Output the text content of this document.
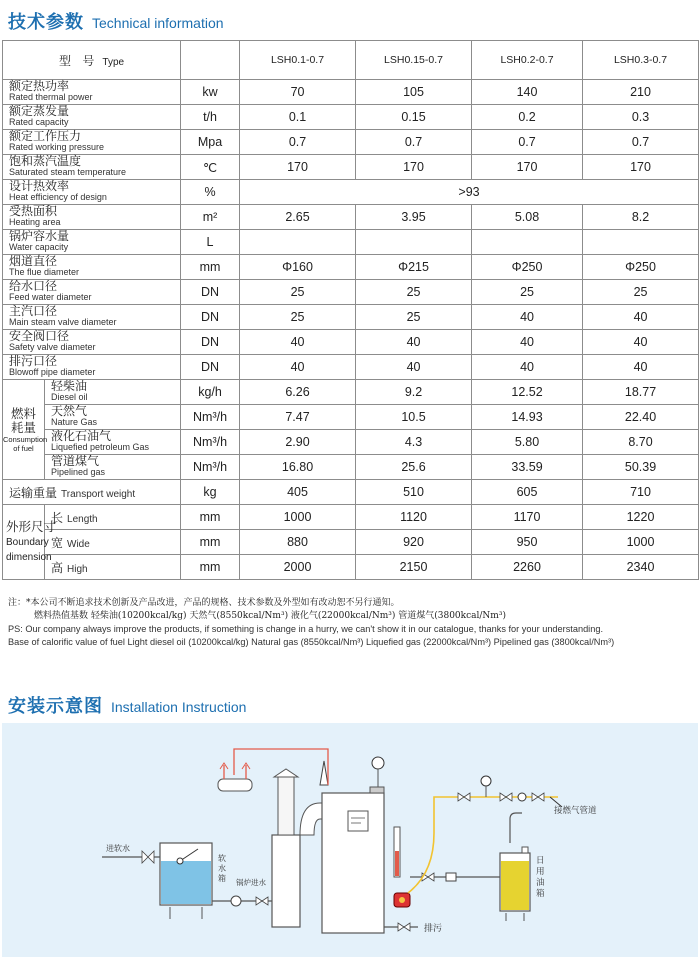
技术参数 Technical information
型   号 Type			LSH0.1-0.7	LSH0.15-0.7	LSH0.2-0.7	LSH0.3-0.7

额定热功率
Rated thermal power		kw	70	105	140	210

额定蒸发量
Rated capacity		t/h	0.1	0.15	0.2	0.3

额定工作压力
Rated working pressure		Mpa	0.7	0.7	0.7	0.7

饱和蒸汽温度
Saturated steam temperature		℃	170	170	170	170

设计热效率
Heat efficiency of design		%	>93			

受热面积
Heating area		m²	2.65	3.95	5.08	8.2

锅炉容水量
Water capacity		L				

烟道直径
The flue diameter		mm	Φ160	Φ215	Φ250	Φ250

给水口径
Feed water diameter		DN	25	25	25	25

主汽口径
Main steam valve diameter		DN	25	25	40	40

安全阀口径
Safety valve diameter		DN	40	40	40	40

排污口径
Blowoff pipe diameter		DN	40	40	40	40

燃料耗量
Consumption of fuel	轻柴油
Diesel oil	kg/h	6.26	9.2	12.52	18.77

	天然气
Nature Gas	Nm³/h	7.47	10.5	14.93	22.40

	液化石油气
Liquefied petroleum Gas	Nm³/h	2.90	4.3	5.80	8.70

	管道煤气
Pipelined gas	Nm³/h	16.80	25.6	33.59	50.39
运输重量 Transport weight		kg	405	510	605	710

外形尺寸
Boundary dimension	长 Length	mm	1000	1120	1170	1220
	宽 Wide	mm	880	920	950	1000
	高 High	mm	2000	2150	2260	2340
注：*本公司不断追求技术创新及产品改进，产品的规格、技术参数及外型如有改动恕不另行通知。
燃料热值基数 轻柴油(10200kcal/kg) 天然气(8550kcal/Nm³) 液化气(22000kcal/Nm³) 管道煤气(3800kcal/Nm³)
PS: Our company always improve the products, if something is change in a hurry, we can't show it in our catalogue, thanks for your understanding.
Base of calorific value of fuel Light diesel oil (10200kcal/kg) Natural gas (8550kcal/Nm³) Liquefied gas (22000kcal/Nm³) Pipelined gas (3800kcal/Nm³)
安装示意图 Installation Instruction
进软水
软水箱 锅炉进水
排污
接燃气管道
日用油箱
